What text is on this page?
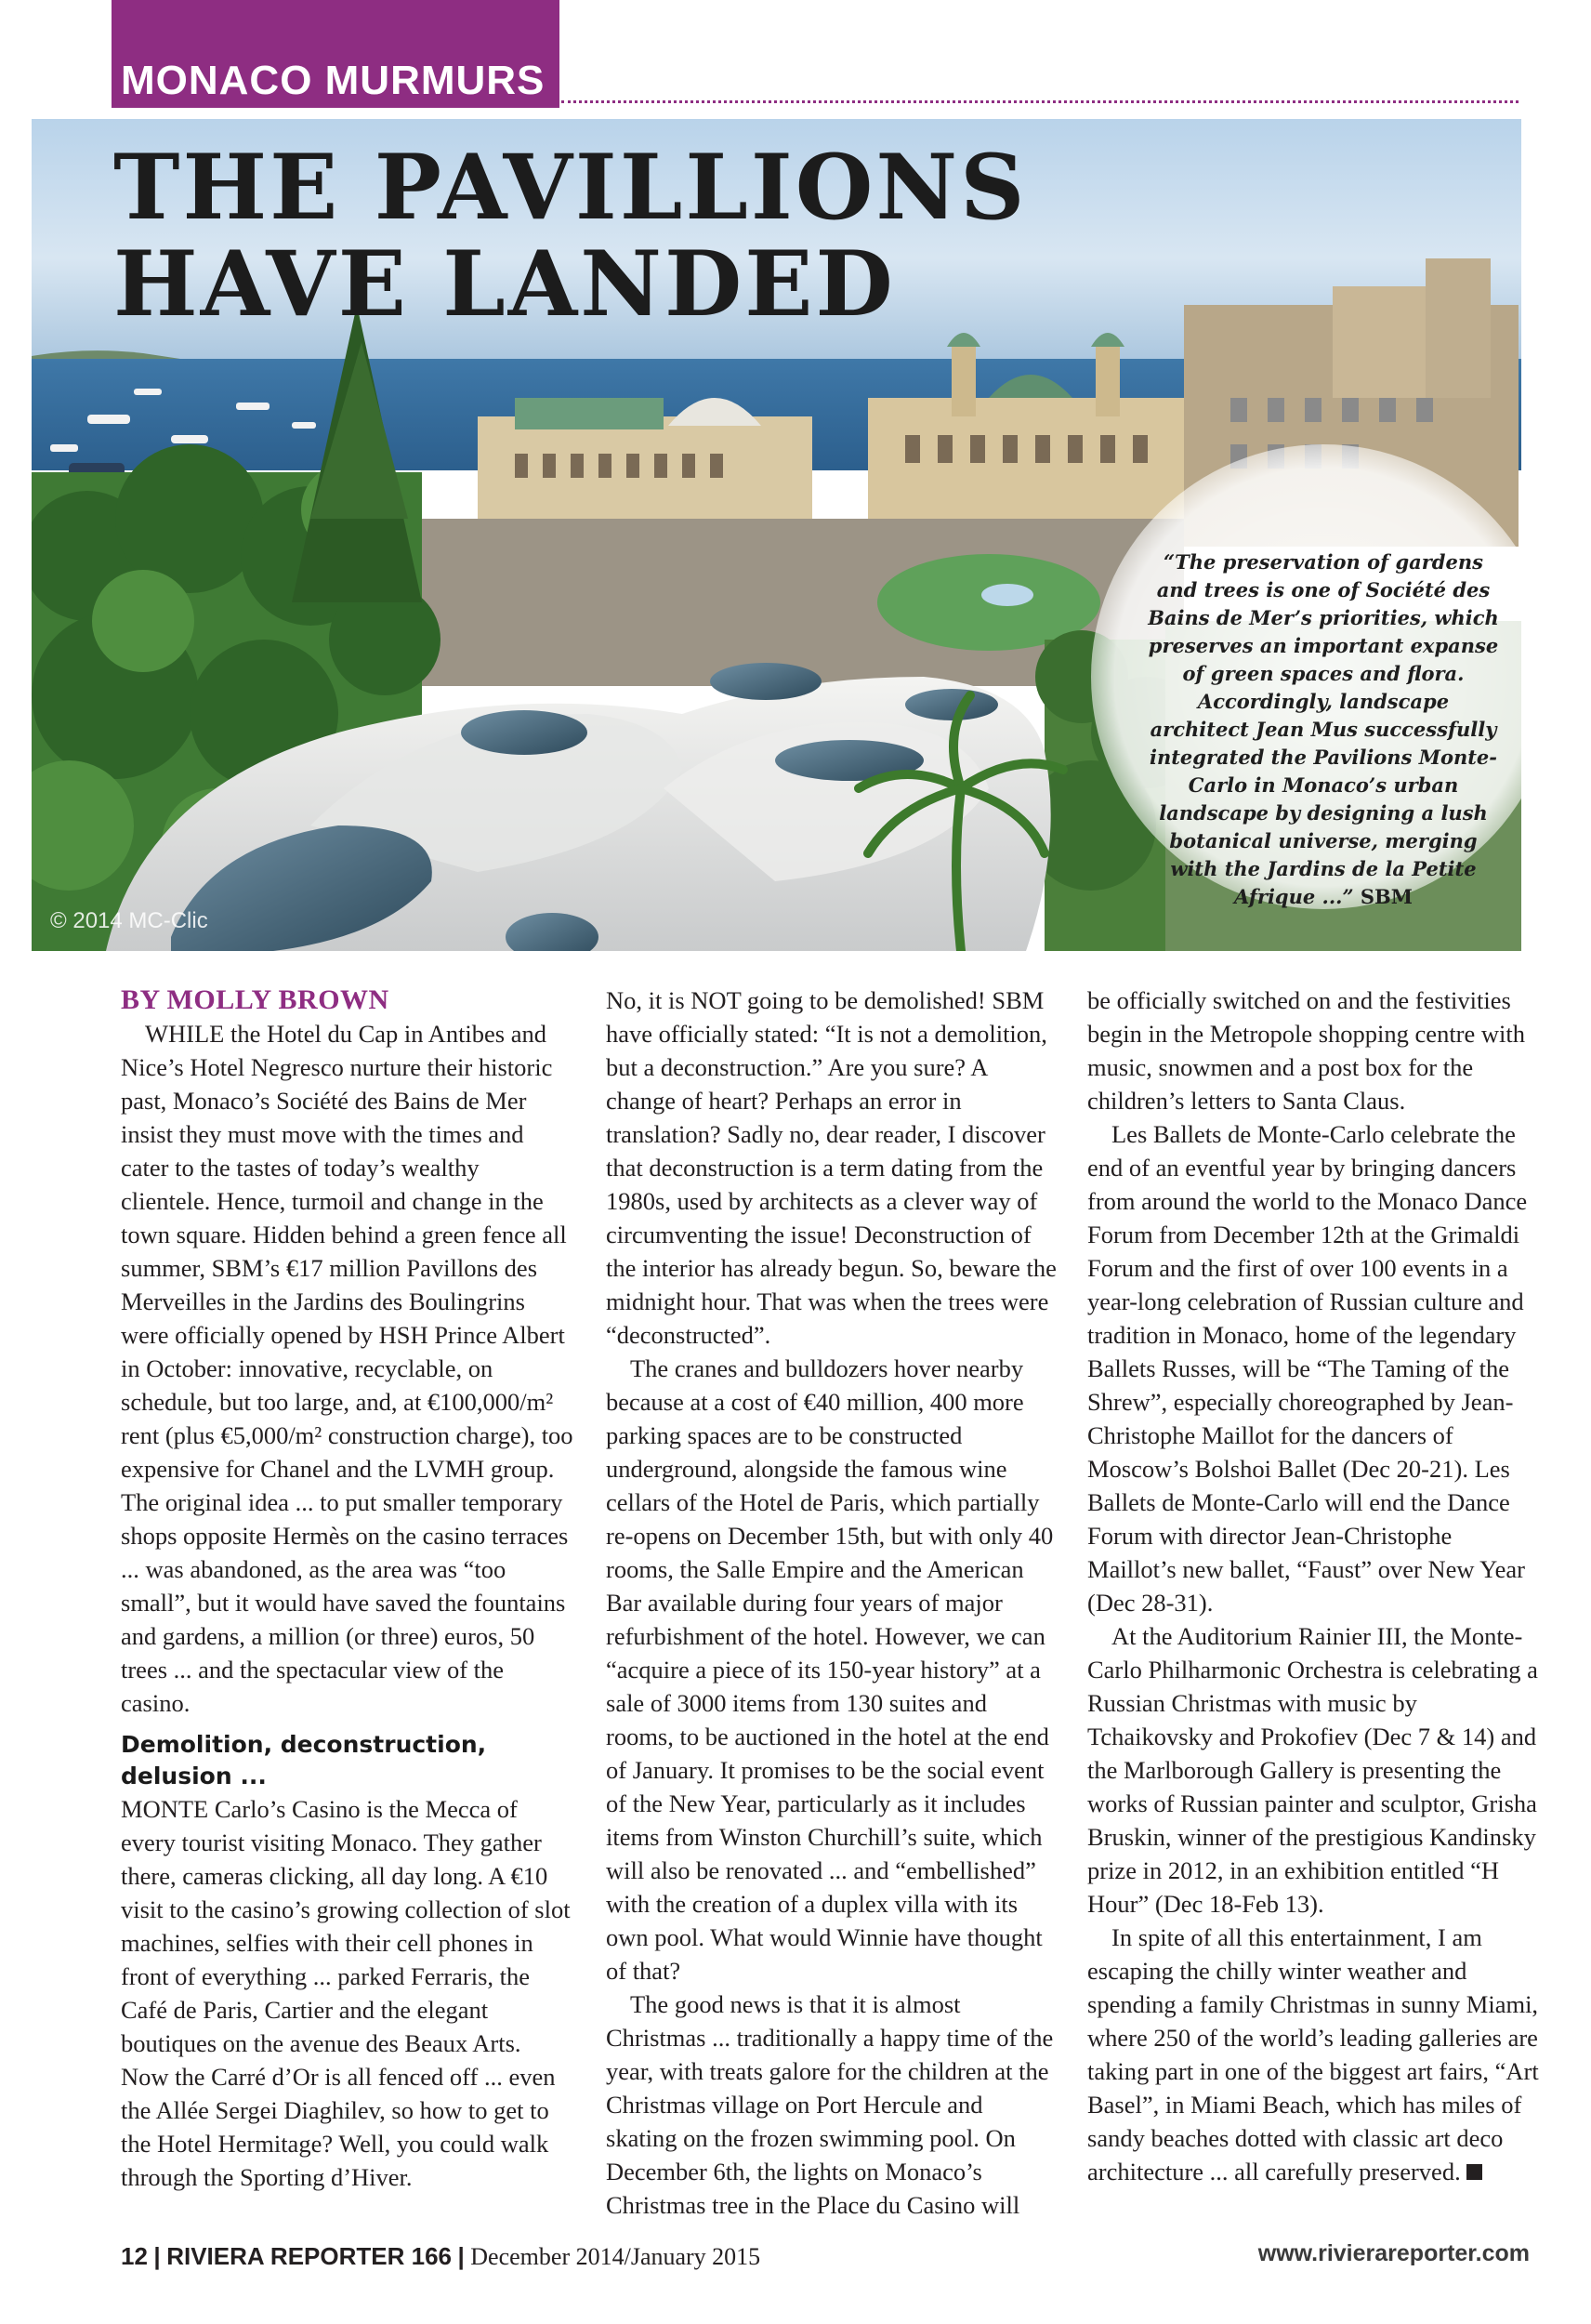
MONACO MURMURS
THE PAVILLIONS
HAVE LANDED
© 2014 MC-Clic

“The preservation of gardens and trees is one of Société des Bains de Mer’s priorities, which preserves an important expanse of green spaces and flora. Accordingly, landscape architect Jean Mus successfully integrated the Pavilions Monte-Carlo in Monaco’s urban landscape by designing a lush botanical universe, merging with the Jardins de la Petite Afrique ...” SBM

BY MOLLY BROWN

WHILE the Hotel du Cap in Antibes and Nice’s Hotel Negresco nurture their historic past, Monaco’s Société des Bains de Mer insist they must move with the times and cater to the tastes of today’s wealthy clientele. Hence, turmoil and change in the town square. Hidden behind a green fence all summer, SBM’s €17 million Pavillons des Merveilles in the Jardins des Boulingrins were officially opened by HSH Prince Albert in October: innovative, recyclable, on schedule, but too large, and, at €100,000/m² rent (plus €5,000/m² construction charge), too expensive for Chanel and the LVMH group. The original idea ... to put smaller temporary shops opposite Hermès on the casino terraces ... was abandoned, as the area was “too small”, but it would have saved the fountains and gardens, a million (or three) euros, 50 trees ... and the spectacular view of the casino.

Demolition, deconstruction, delusion ...

MONTE Carlo’s Casino is the Mecca of every tourist visiting Monaco. They gather there, cameras clicking, all day long. A €10 visit to the casino’s growing collection of slot machines, selfies with their cell phones in front of everything ... parked Ferraris, the Café de Paris, Cartier and the elegant boutiques on the avenue des Beaux Arts. Now the Carré d’Or is all fenced off ... even the Allée Sergei Diaghilev, so how to get to the Hotel Hermitage? Well, you could walk through the Sporting d’Hiver.

No, it is NOT going to be demolished! SBM have officially stated: “It is not a demolition, but a deconstruction.” Are you sure? A change of heart? Perhaps an error in translation? Sadly no, dear reader, I discover that deconstruction is a term dating from the 1980s, used by architects as a clever way of circumventing the issue! Deconstruction of the interior has already begun. So, beware the midnight hour. That was when the trees were “deconstructed”.

The cranes and bulldozers hover nearby because at a cost of €40 million, 400 more parking spaces are to be constructed underground, alongside the famous wine cellars of the Hotel de Paris, which partially re-opens on December 15th, but with only 40 rooms, the Salle Empire and the American Bar available during four years of major refurbishment of the hotel. However, we can “acquire a piece of its 150-year history” at a sale of 3000 items from 130 suites and rooms, to be auctioned in the hotel at the end of January. It promises to be the social event of the New Year, particularly as it includes items from Winston Churchill’s suite, which will also be renovated ... and “embellished” with the creation of a duplex villa with its own pool. What would Winnie have thought of that?

The good news is that it is almost Christmas ... traditionally a happy time of the year, with treats galore for the children at the Christmas village on Port Hercule and skating on the frozen swimming pool. On December 6th, the lights on Monaco’s Christmas tree in the Place du Casino will

be officially switched on and the festivities begin in the Metropole shopping centre with music, snowmen and a post box for the children’s letters to Santa Claus.

Les Ballets de Monte-Carlo celebrate the end of an eventful year by bringing dancers from around the world to the Monaco Dance Forum from December 12th at the Grimaldi Forum and the first of over 100 events in a year-long celebration of Russian culture and tradition in Monaco, home of the legendary Ballets Russes, will be “The Taming of the Shrew”, especially choreographed by Jean-Christophe Maillot for the dancers of Moscow’s Bolshoi Ballet (Dec 20-21). Les Ballets de Monte-Carlo will end the Dance Forum with director Jean-Christophe Maillot’s new ballet, “Faust” over New Year (Dec 28-31).

At the Auditorium Rainier III, the Monte-Carlo Philharmonic Orchestra is celebrating a Russian Christmas with music by Tchaikovsky and Prokofiev (Dec 7 & 14) and the Marlborough Gallery is presenting the works of Russian painter and sculptor, Grisha Bruskin, winner of the prestigious Kandinsky prize in 2012, in an exhibition entitled “H Hour” (Dec 18-Feb 13).

In spite of all this entertainment, I am escaping the chilly winter weather and spending a family Christmas in sunny Miami, where 250 of the world’s leading galleries are taking part in one of the biggest art fairs, “Art Basel”, in Miami Beach, which has miles of sandy beaches dotted with classic art deco architecture ... all carefully preserved.

12 | RIVIERA REPORTER 166 | December 2014/January 2015	www.rivierareporter.com
